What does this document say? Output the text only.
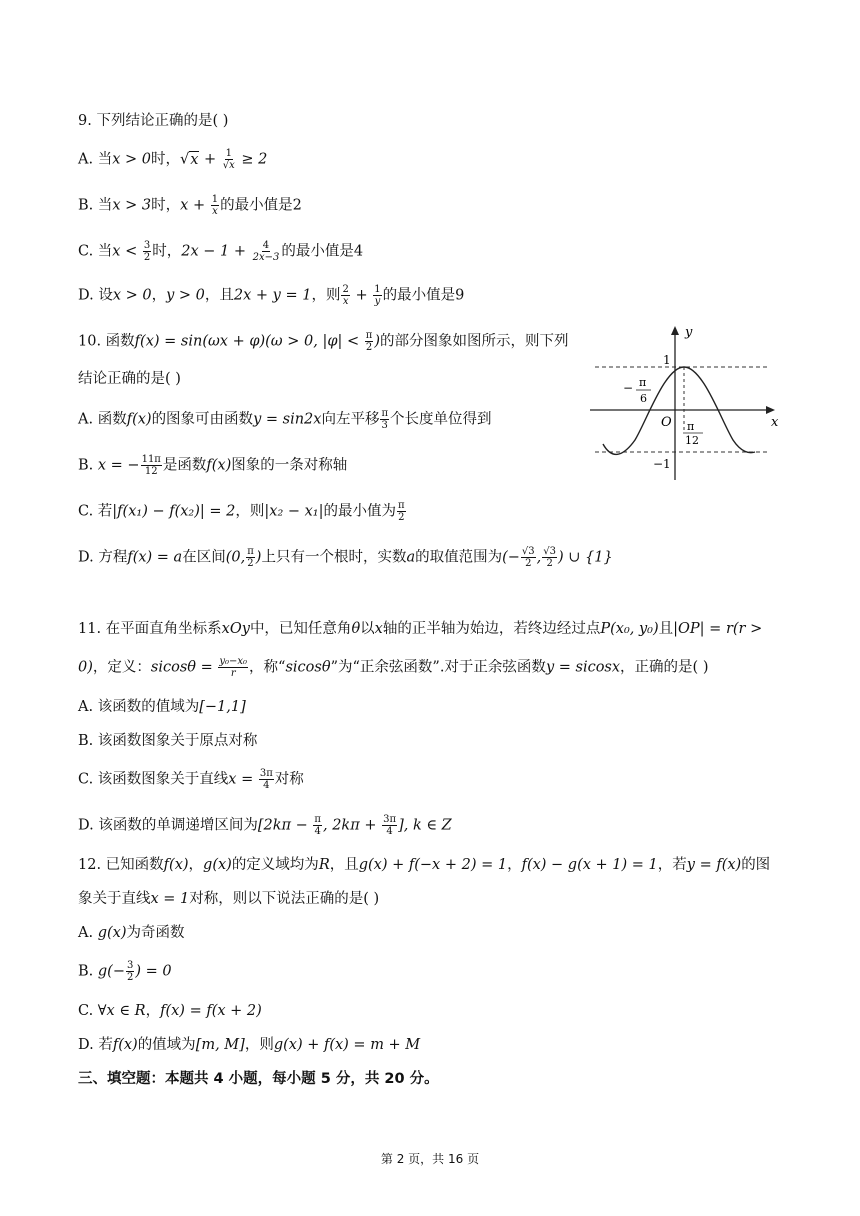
9. 下列结论正确的是( )
A. 当x > 0时，$√x + \frac{1}{√x} \ge 2$
B. 当x > 3时，$x + \frac{1}{x}$ 的最小值是2
C. 当$x < \frac{3}{2}$ 时，$2x - 1 + \frac{4}{2x-3}$ 的最小值是4
D. 设x > 0，y > 0，且2x + y = 1，则 $\frac{2}{x} + \frac{1}{y}$ 的最小值是9
10. 函数f(x) = sin(ωx + φ)(ω > 0, $|\varphi| < \frac{\pi}{2}$ )的部分图象如图所示，则下列
结论正确的是( )
A. 函数f(x)的图象可由函数y = sin2x向左平移 $\frac{\pi}{3}$ 个长度单位得到
B. x = − $\frac{11\pi}{12}$ 是函数f(x)图象的一条对称轴
C. 若|f(x₁) − f(x₂)| = 2，则|x₂ − x₁|的最小值为 $\frac{\pi}{2}$
D. 方程f(x) = a在区间(0, $\frac{\pi}{2}$ )上只有一个根时，实数a的取值范围为(− $\frac{√3}{2}$ , $\frac{√3}{2}$ ) ∪ {1}
y
x
O
1
−1
− π
6
π
12
11. 在平面直角坐标系xOy中，已知任意角θ以x轴的正半轴为始边，若终边经过点P(x₀, y₀)且|OP| = r(r >
0)，定义：$sicos\theta = \frac{\text{y₀−x₀}}{r}$ ，称“sicosθ”为“正余弦函数”.对于正余弦函数y = sicosx，正确的是( )
A. 该函数的值域为[−1,1]
B. 该函数图象关于原点对称
C. 该函数图象关于直线$x = \frac{3\pi}{4}$ 对称
D. 该函数的单调递增区间为[$2k\pi - \frac{\pi}{4}$ , $2k\pi + \frac{3\pi}{4}$ ], k ∈ Z
12. 已知函数f(x)，g(x)的定义域均为R，且g(x) + f(−x + 2) = 1，f(x) − g(x + 1) = 1，若y = f(x)的图
象关于直线x = 1对称，则以下说法正确的是( )
A. g(x)为奇函数
B. $g(- \frac{3}{2}$ ) = 0
C. ∀x ∈ R，f(x) = f(x + 2)
D. 若f(x)的值域为[m, M]，则g(x) + f(x) = m + M
三、填空题：本题共 4 小题，每小题 5 分，共 20 分。
第 2 页，共 16 页
